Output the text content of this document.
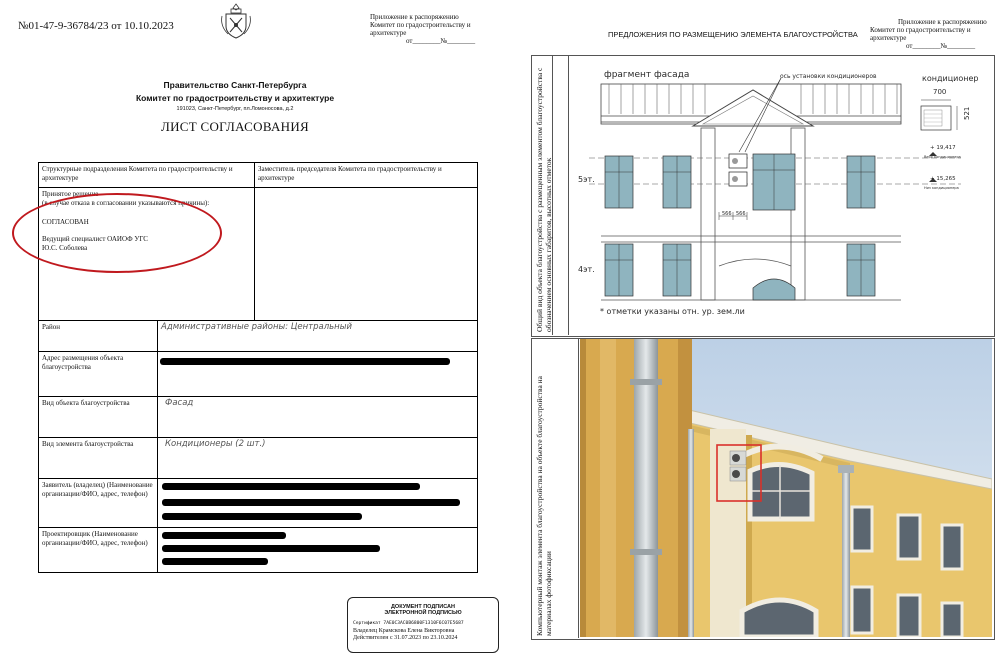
№01-47-9-36784/23 от 10.10.2023
Приложение к распоряжению
Комитет по градостроительству и архитектуре
от________№________
Правительство Санкт-Петербурга
Комитет по градостроительству и архитектуре
191023, Санкт-Петербург, пл.Ломоносова, д.2
ЛИСТ СОГЛАСОВАНИЯ
Структурные подразделения Комитета по градостроительству и архитектуре		Заместитель председателя Комитета по градостроительству и архитектуре

Принятое решение
(в случае отказа в согласовании указываются причины):
СОГЛАСОВАН
Ведущий специалист ОАИОФ УГС
Ю.С. Соболева		

Район	Административные районы: Центральный	
Адрес размещения объекта благоустройства		

Вид объекта благоустройства	Фасад	
Вид элемента благоустройства	Кондиционеры (2 шт.)	
Заявитель (владелец) (Наименование организации/ФИО, адрес, телефон)		

Проектировщик (Наименование организации/ФИО, адрес, телефон)		
ДОКУМЕНТ ПОДПИСАН
ЭЛЕКТРОННОЙ ПОДПИСЬЮ
Сертификат 7AE0C3AC0B6800F1310F6C07E5687
Владелец Крамскова Елена Викторовна
Действителен с 31.07.2023 по 23.10.2024
Приложение к распоряжению
Комитет по градостроительству и архитектуре
от________№________
ПРЕДЛОЖЕНИЯ ПО РАЗМЕЩЕНИЮ ЭЛЕМЕНТА БЛАГОУСТРОЙСТВА
Общий вид объекта благоустройства с размещенным элементом благоустройства с обозначением основных габаритов, высотных отметок
фрагмент фасада	ось установки кондиционеров	кондиционер
700
521
5эт.
4эт.
566 566
+ 19,417
Верх кондиционера
+ 15,265
Низ кондиционера
* отметки указаны отн. ур. зем.ли
Компьютерный монтаж элемента благоустройства на объекте благоустройства на материалах фотофиксации
